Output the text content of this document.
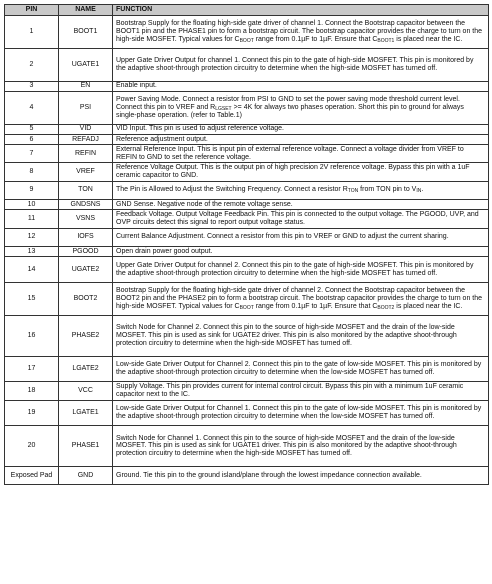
PIN	NAME	FUNCTION
1	BOOT1	Bootstrap Supply for the floating high-side gate driver of channel 1. Connect the Bootstrap capacitor between the BOOT1 pin and the PHASE1 pin to form a bootstrap circuit. The bootstrap capacitor provides the charge to turn on the high-side MOSFET. Typical values for $C_{BOOT}$ range from 0.1µF to 1µF. Ensure that $C_{BOOT1}$ is placed near the IC.
2	UGATE1	Upper Gate Driver Output for channel 1. Connect this pin to the gate of high-side MOSFET. This pin is monitored by the adaptive shoot-through protection circuitry to determine when the high-side MOSFET has turned off.
3	EN	Enable input.
4	PSI	Power Saving Mode. Connect a resistor from PSI to GND to set the power saving mode threshold current level. Connect this pin to VREF and $R_{LGSET} >= 4K$ for always two phases operation. Short this pin to ground for always single-phase operation. (refer to Table.1)
5	VID	VID Input. This pin is used to adjust reference voltage.
6	REFADJ	Reference adjustment output.
7	REFIN	External Reference Input. This is input pin of external reference voltage. Connect a voltage divider from VREF to REFIN to GND to set the reference voltage.
8	VREF	Reference Voltage Output. This is the output pin of high precision 2V reference voltage. Bypass this pin with a 1uF ceramic capacitor to GND.
9	TON	The Pin is Allowed to Adjust the Switching Frequency. Connect a resistor $R_{TON}$ from TON pin to $V_{IN}$.
10	GNDSNS	GND Sense. Negative node of the remote voltage sense.
11	VSNS	Feedback Voltage. Output Voltage Feedback Pin. This pin is connected to the output voltage. The PGOOD, UVP, and OVP circuits detect this signal to report output voltage status.
12	IOFS	Current Balance Adjustment. Connect a resistor from this pin to VREF or GND to adjust the current sharing.
13	PGOOD	Open drain power good output.
14	UGATE2	Upper Gate Driver Output for channel 2. Connect this pin to the gate of high-side MOSFET. This pin is monitored by the adaptive shoot-through protection circuitry to determine when the high-side MOSFET has turned off.
15	BOOT2	Bootstrap Supply for the floating high-side gate driver of channel 2. Connect the Bootstrap capacitor between the BOOT2 pin and the PHASE2 pin to form a bootstrap circuit. The bootstrap capacitor provides the charge to turn on the high-side MOSFET. Typical values for $C_{BOOT}$ range from 0.1µF to 1µF. Ensure that $C_{BOOT2}$ is placed near the IC.
16	PHASE2	Switch Node for Channel 2. Connect this pin to the source of high-side MOSFET and the drain of the low-side MOSFET. This pin is used as sink for UGATE2 driver. This pin is also monitored by the adaptive shoot-through protection circuitry to determine when the high-side MOSFET has turned off.
17	LGATE2	Low-side Gate Driver Output for Channel 2. Connect this pin to the gate of low-side MOSFET. This pin is monitored by the adaptive shoot-through protection circuitry to determine when the low-side MOSFET has turned off.
18	VCC	Supply Voltage. This pin provides current for internal control circuit. Bypass this pin with a minimum 1uF ceramic capacitor next to the IC.
19	LGATE1	Low-side Gate Driver Output for Channel 1. Connect this pin to the gate of low-side MOSFET. This pin is monitored by the adaptive shoot-through protection circuitry to determine when the low-side MOSFET has turned off.
20	PHASE1	Switch Node for Channel 1. Connect this pin to the source of high-side MOSFET and the drain of the low-side MOSFET. This pin is used as sink for UGATE1 driver. This pin is also monitored by the adaptive shoot-through protection circuitry to determine when the high-side MOSFET has turned off.
Exposed Pad	GND	Ground. Tie this pin to the ground island/plane through the lowest impedance connection available.
